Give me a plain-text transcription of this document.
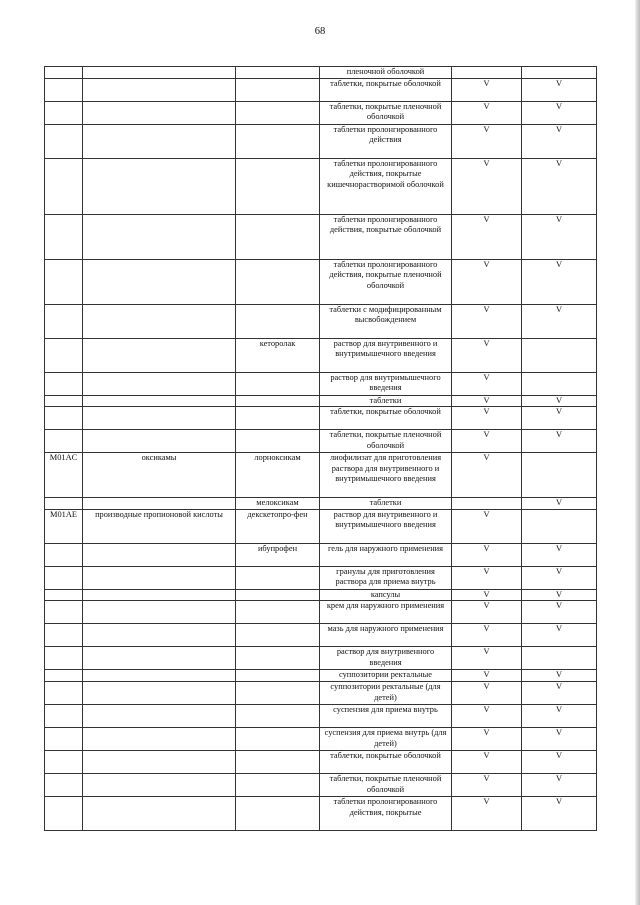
68
			пленочной оболочкой		
			таблетки, покрытые оболочкой	V	V
			таблетки, покрытые пленочной оболочкой	V	V
			таблетки пролонгированного действия	V	V
			таблетки пролонгированного действия, покрытые кишечнорастворимой оболочкой	V	V
			таблетки пролонгированного действия, покрытые оболочкой	V	V
			таблетки пролонгированного действия, покрытые пленочной оболочкой	V	V
			таблетки с модифицированным высвобождением	V	V
		кеторолак	раствор для внутривенного и внутримышечного введения	V	
			раствор для внутримышечного введения	V	
			таблетки	V	V
			таблетки, покрытые оболочкой	V	V
			таблетки, покрытые пленочной оболочкой	V	V
M01AC	оксикамы	лорноксикам	лиофилизат для приготовления раствора для внутривенного и внутримышечного введения	V	
		мелоксикам	таблетки		V
M01AE	производные пропионовой кислоты	декскетопро-фен	раствор для внутривенного и внутримышечного введения	V	
		ибупрофен	гель для наружного применения	V	V
			гранулы для приготовления раствора для приема внутрь	V	V
			капсулы	V	V
			крем для наружного применения	V	V
			мазь для наружного применения	V	V
			раствор для внутривенного введения	V	
			суппозитории ректальные	V	V
			суппозитории ректальные (для детей)	V	V
			суспензия для приема внутрь	V	V
			суспензия для приема внутрь (для детей)	V	V
			таблетки, покрытые оболочкой	V	V
			таблетки, покрытые пленочной оболочкой	V	V
			таблетки пролонгированного действия, покрытые	V	V
